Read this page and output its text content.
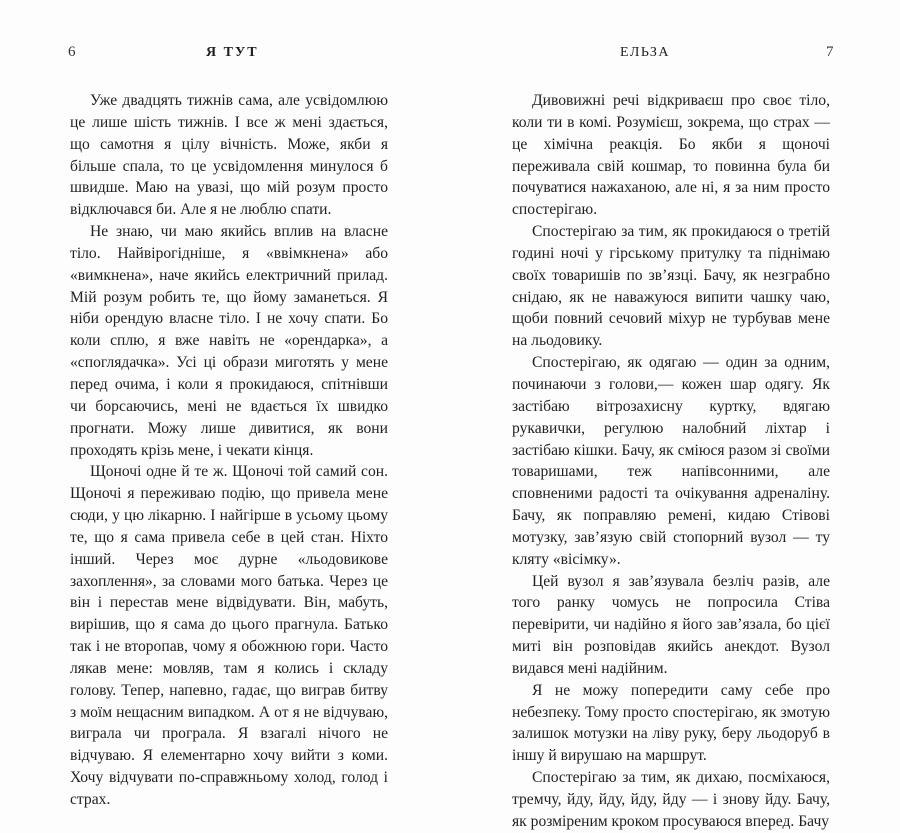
6	Я ТУТ

Уже двадцять тижнів сама, але усвідомлюю це лише шість тижнів. І все ж мені здається, що самотня я цілу вічність. Може, якби я більше спала, то це усвідомлення минулося б швидше. Маю на увазі, що мій розум просто відключався би. Але я не люблю спати.

Не знаю, чи маю якийсь вплив на власне тіло. Найвірогідніше, я «ввімкнена» або «вимкнена», наче якийсь електричний прилад. Мій розум робить те, що йому заманеться. Я ніби орендую власне тіло. І не хочу спати. Бо коли сплю, я вже навіть не «орендарка», а «споглядачка». Усі ці образи миготять у мене перед очима, і коли я прокидаюся, спітнівши чи борсаючись, мені не вдається їх швидко прогнати. Можу лише дивитися, як вони проходять крізь мене, і чекати кінця.

Щоночі одне й те ж. Щоночі той самий сон. Щоночі я переживаю подію, що привела мене сюди, у цю лікарню. І найгірше в усьому цьому те, що я сама привела себе в цей стан. Ніхто інший. Через моє дурне «льодовикове захоплення», за словами мого батька. Через це він і перестав мене відвідувати. Він, мабуть, вирішив, що я сама до цього прагнула. Батько так і не второпав, чому я обожнюю гори. Часто лякав мене: мовляв, там я колись і складу голову. Тепер, напевно, гадає, що виграв битву з моїм нещасним випадком. А от я не відчуваю, виграла чи програла. Я взагалі нічого не відчуваю. Я елементарно хочу вийти з коми. Хочу відчувати по-справжньому холод, голод і страх.

ЕЛЬЗА	7

Дивовижні речі відкриваєш про своє тіло, коли ти в комі. Розумієш, зокрема, що страх — це хімічна реакція. Бо якби я щоночі переживала свій кошмар, то повинна була би почуватися нажаханою, але ні, я за ним просто спостерігаю.

Спостерігаю за тим, як прокидаюся о третій годині ночі у гірському притулку та піднімаю своїх товаришів по зв’язці. Бачу, як незграбно снідаю, як не наважуюся випити чашку чаю, щоби повний сечовий міхур не турбував мене на льодовику.

Спостерігаю, як одягаю — один за одним, починаючи з голови,— кожен шар одягу. Як застібаю вітрозахисну куртку, вдягаю рукавички, регулюю налобний ліхтар і застібаю кішки. Бачу, як сміюся разом зі своїми товаришами, теж напівсонними, але сповненими радості та очікування адреналіну. Бачу, як поправляю ремені, кидаю Стівові мотузку, зав’язую свій стопорний вузол — ту кляту «вісімку».

Цей вузол я зав’язувала безліч разів, але того ранку чомусь не попросила Стіва перевірити, чи надійно я його зав’язала, бо цієї миті він розповідав якийсь анекдот. Вузол видався мені надійним.

Я не можу попередити саму себе про небезпеку. Тому просто спостерігаю, як змотую залишок мотузки на ліву руку, беру льодоруб в іншу й вирушаю на маршрут.

Спостерігаю за тим, як дихаю, посміхаюся, тремчу, йду, йду, йду, йду — і знову йду. Бачу, як розміреним кроком просуваюся вперед. Бачу
